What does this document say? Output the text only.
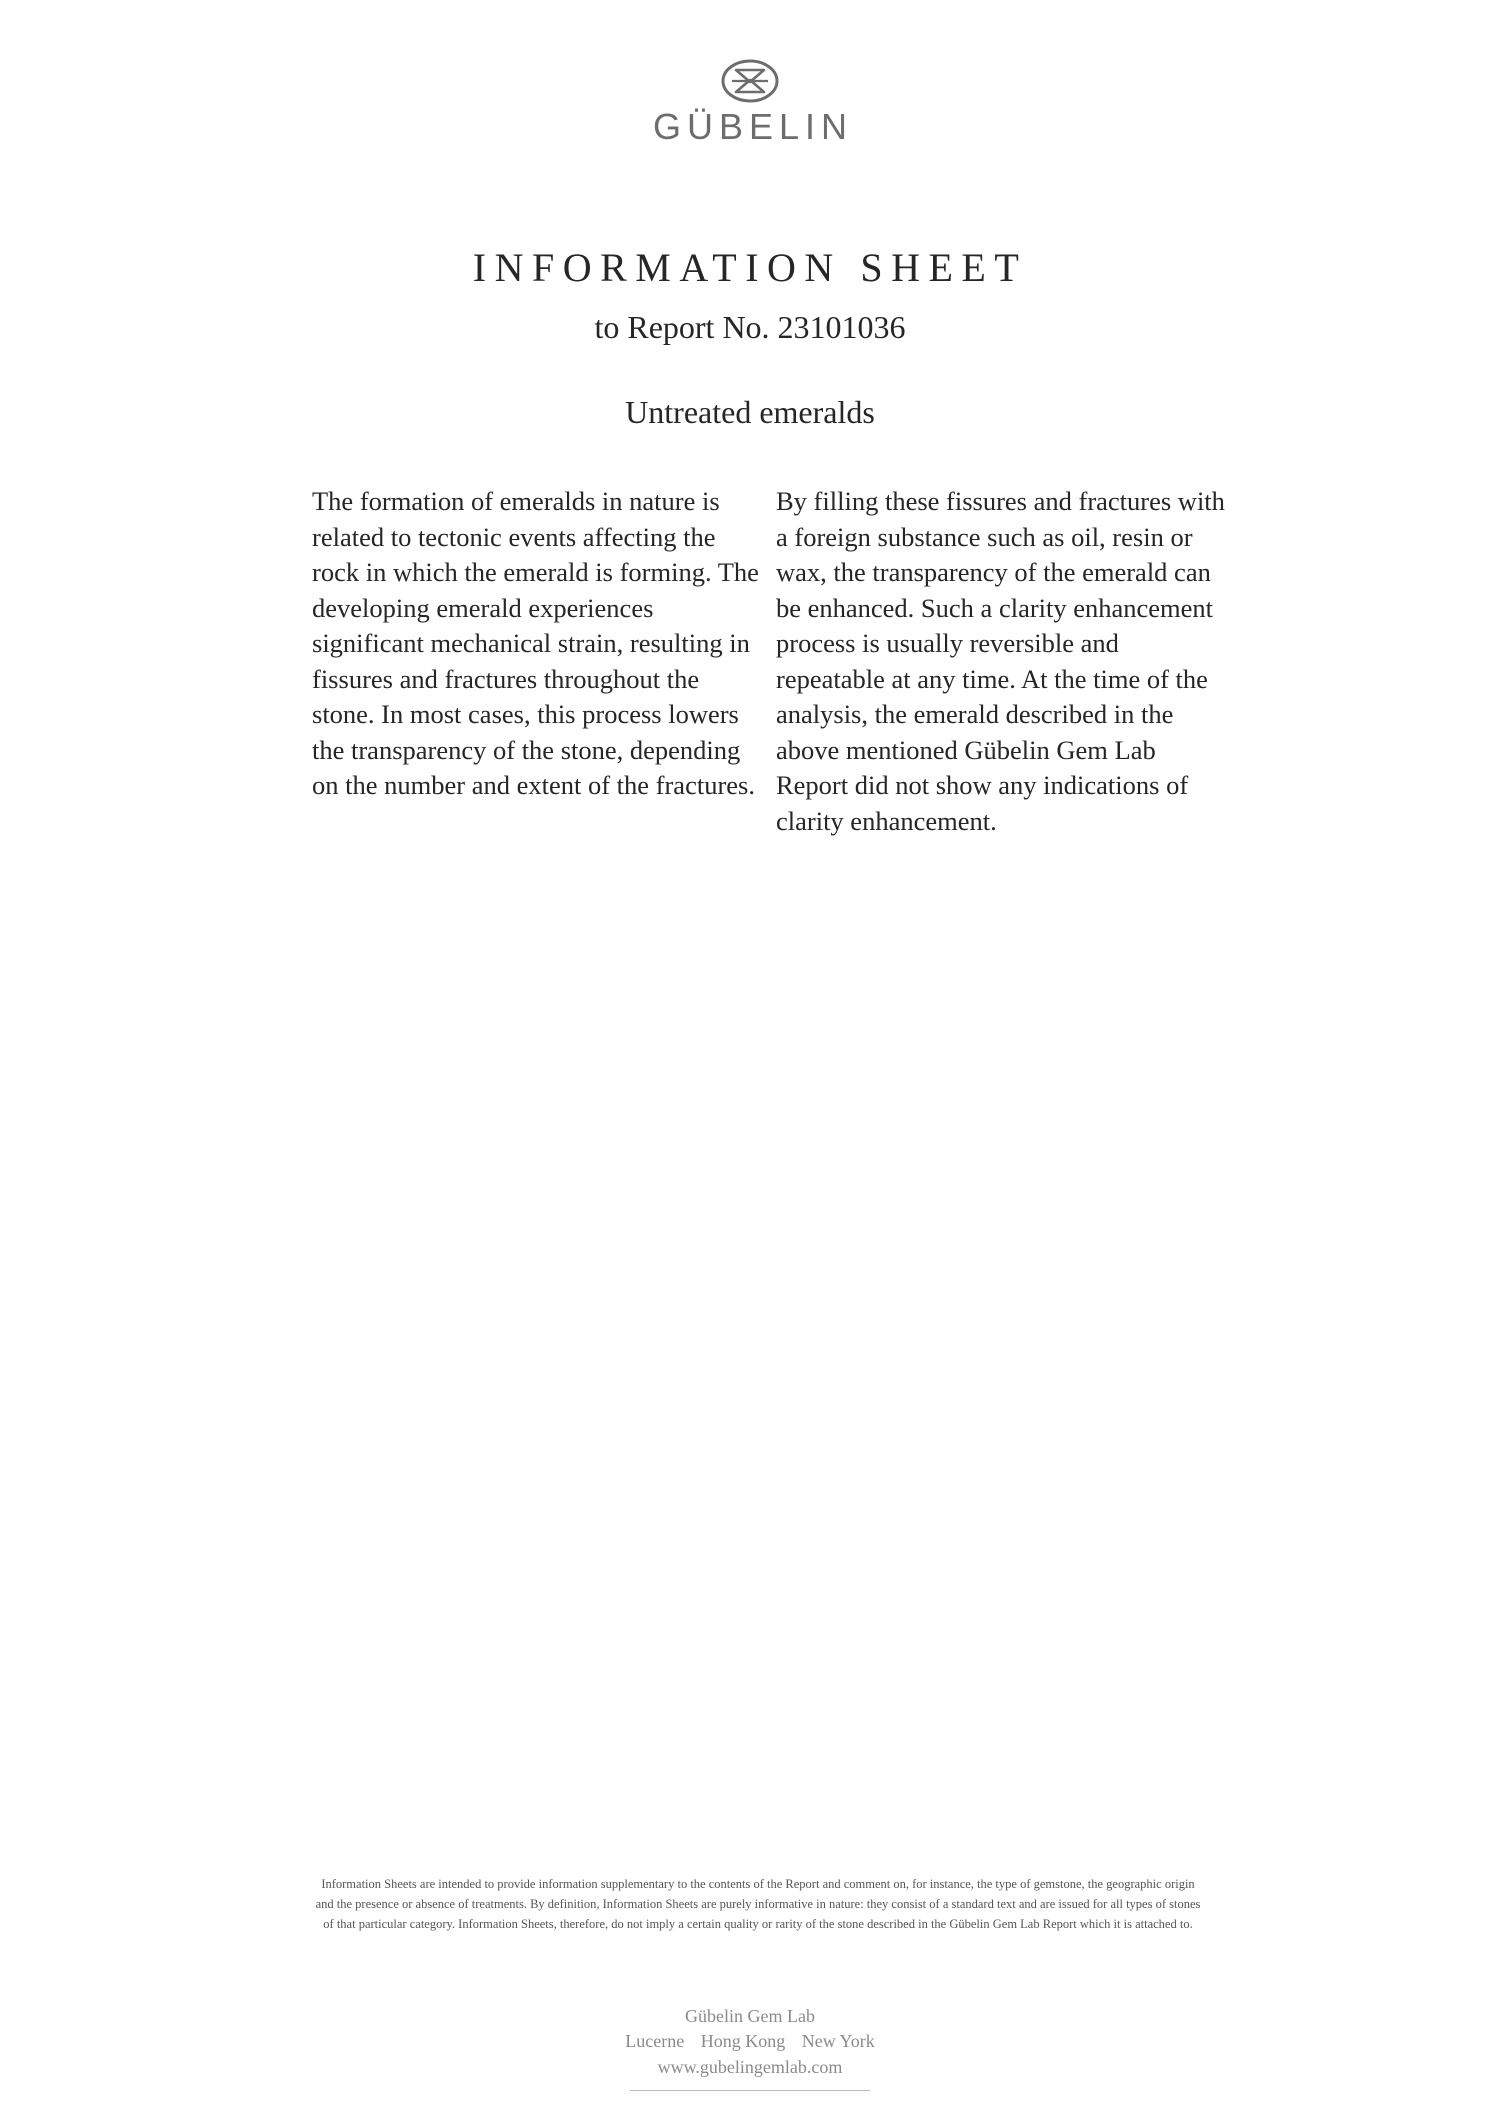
GÜBELIN
INFORMATION SHEET
to Report No. 23101036
Untreated emeralds

The formation of emeralds in nature is related to tectonic events affecting the rock in which the emerald is forming. The developing emerald experiences significant mechanical strain, resulting in fissures and fractures throughout the stone. In most cases, this process lowers the transparency of the stone, depending on the number and extent of the fractures.

By filling these fissures and fractures with a foreign substance such as oil, resin or wax, the transparency of the emerald can be enhanced. Such a clarity enhancement process is usually reversible and repeatable at any time. At the time of the analysis, the emerald described in the above mentioned Gübelin Gem Lab Report did not show any indications of clarity enhancement.

Information Sheets are intended to provide information supplementary to the contents of the Report and comment on, for instance, the type of gemstone, the geographic origin and the presence or absence of treatments. By definition, Information Sheets are purely informative in nature: they consist of a standard text and are issued for all types of stones of that particular category. Information Sheets, therefore, do not imply a certain quality or rarity of the stone described in the Gübelin Gem Lab Report which it is attached to.
Gübelin Gem Lab
Lucerne Hong Kong New York
www.gubelingemlab.com
